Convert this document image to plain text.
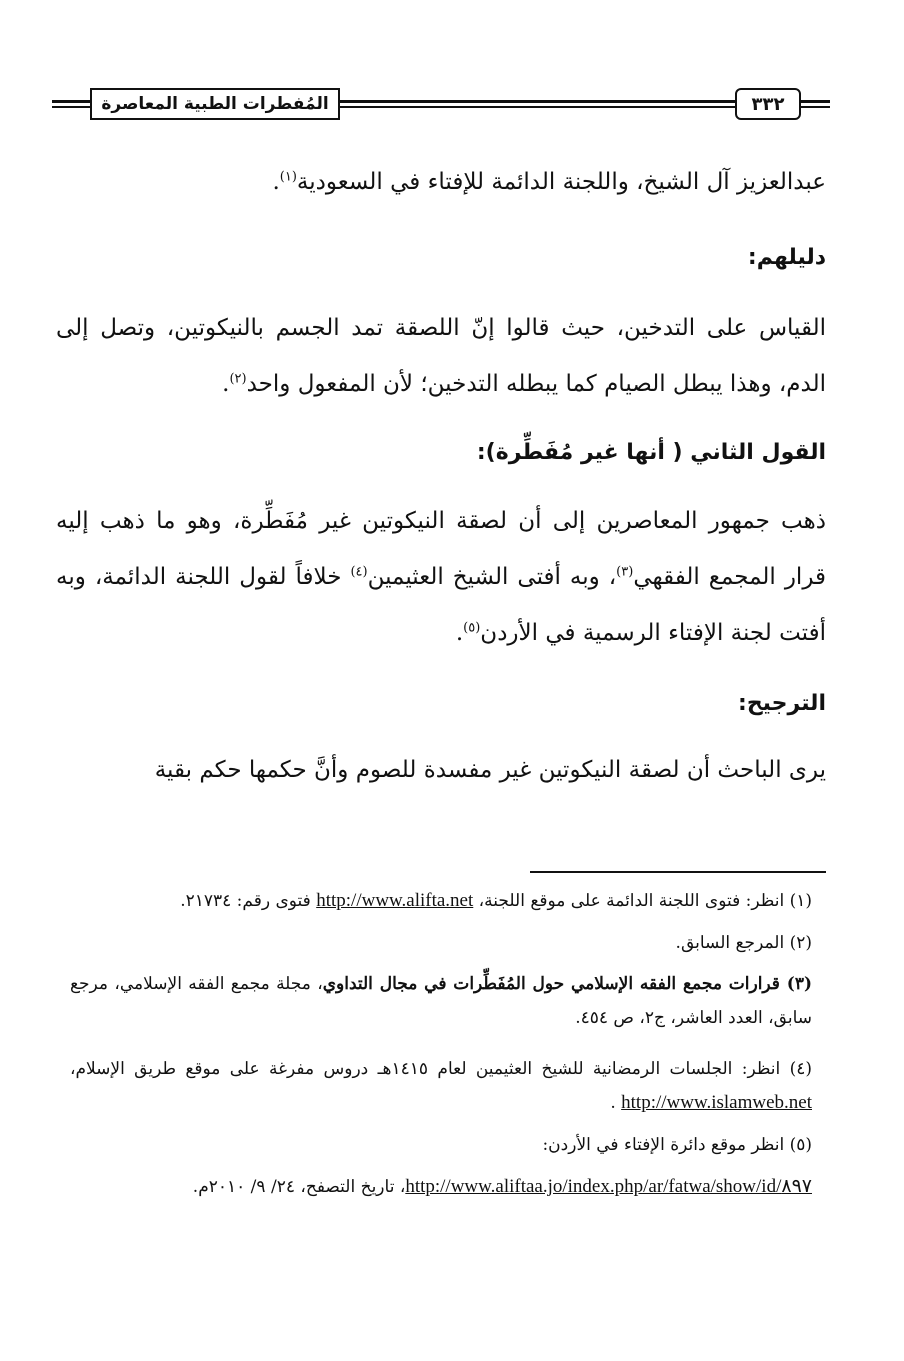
المُفطرات الطبية المعاصرة	٣٣٢
عبدالعزيز آل الشيخ، واللجنة الدائمة للإفتاء في السعودية$^{(١)}$.
دليلهم:
القياس على التدخين، حيث قالوا إنّ اللصقة تمد الجسم بالنيكوتين، وتصل إلى الدم، وهذا يبطل الصيام كما يبطله التدخين؛ لأن المفعول واحد$^{(٢)}$.
القول الثاني ( أنها غير مُفَطِّرة):
ذهب جمهور المعاصرين إلى أن لصقة النيكوتين غير مُفَطِّرة، وهو ما ذهب إليه قرار المجمع الفقهي$^{(٣)}$، وبه أفتى الشيخ العثيمين$^{(٤)}$ خلافاً لقول اللجنة الدائمة، وبه أفتت لجنة الإفتاء الرسمية في الأردن$^{(٥)}$.
الترجيح:
يرى الباحث أن لصقة النيكوتين غير مفسدة للصوم وأنَّ حكمها حكم بقية
(١) انظر: فتوى اللجنة الدائمة على موقع اللجنة، http://www.alifta.net فتوى رقم: ٢١٧٣٤.
(٢) المرجع السابق.
(٣) قرارات مجمع الفقه الإسلامي حول المُفَطِّرات في مجال التداوي، مجلة مجمع الفقه الإسلامي، مرجع سابق، العدد العاشر، ج٢، ص ٤٥٤.
(٤) انظر: الجلسات الرمضانية للشيخ العثيمين لعام ١٤١٥هـ دروس مفرغة على موقع طريق الإسلام، http://www.islamweb.net .
(٥) انظر موقع دائرة الإفتاء في الأردن:
http://www.aliftaa.jo/index.php/ar/fatwa/show/id/٨٩٧، تاريخ التصفح، ٢٤/ ٩/ ٢٠١٠م.
